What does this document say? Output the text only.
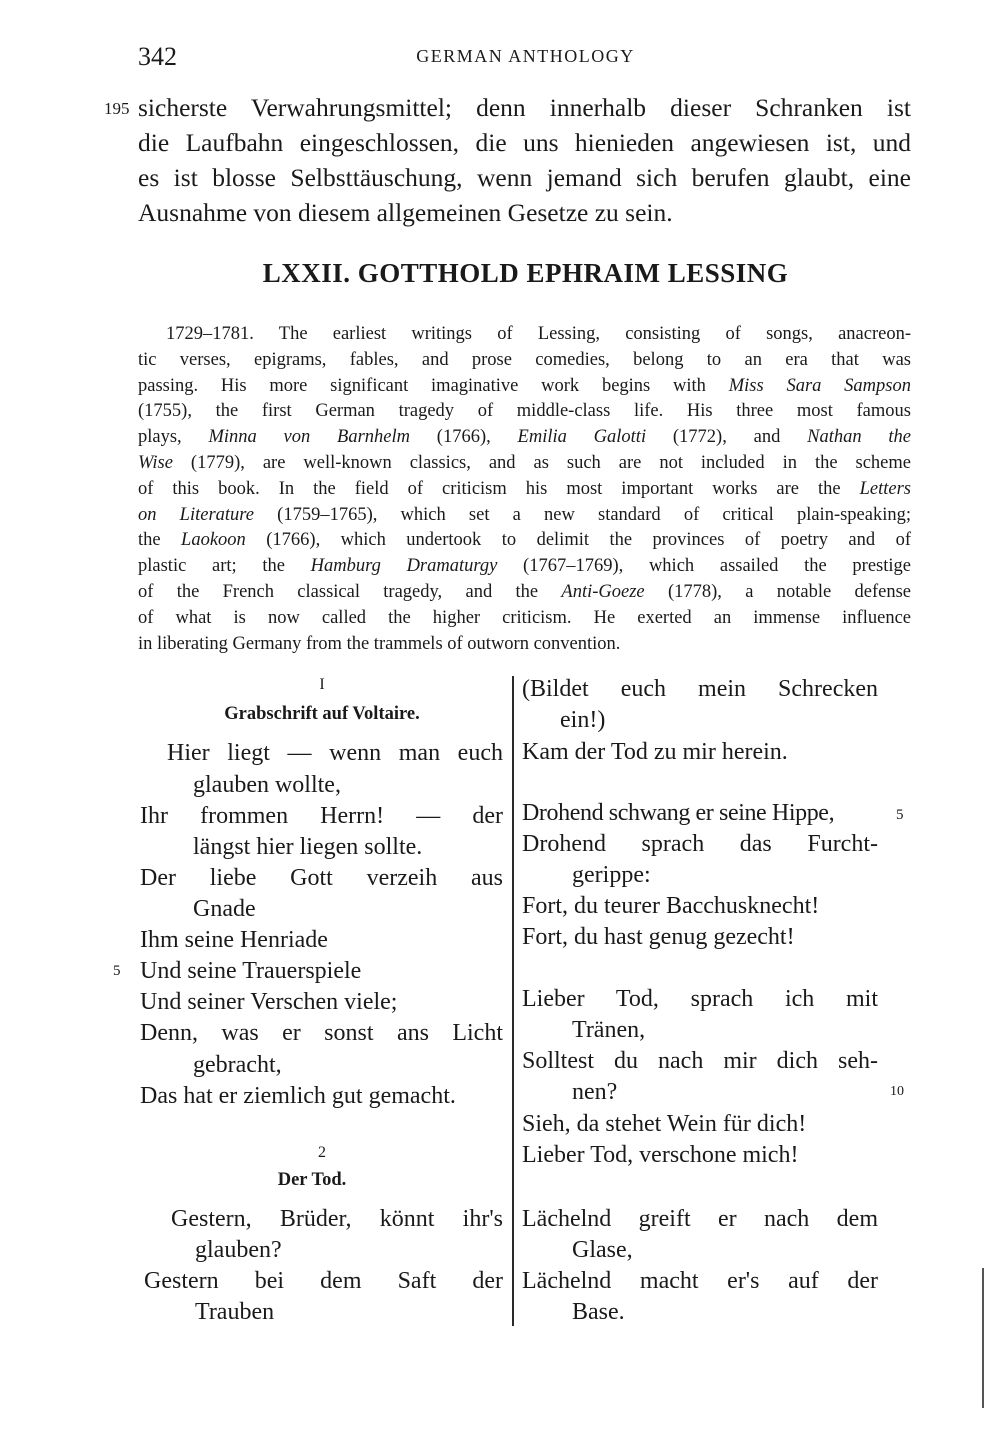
342	GERMAN ANTHOLOGY
195 sicherste Verwahrungsmittel; denn innerhalb dieser Schranken ist
die Laufbahn eingeschlossen, die uns hienieden angewiesen ist, und
es ist blosse Selbsttäuschung, wenn jemand sich berufen glaubt, eine
Ausnahme von diesem allgemeinen Gesetze zu sein.
LXXII. GOTTHOLD EPHRAIM LESSING
1729–1781. The earliest writings of Lessing, consisting of songs, anacreon-
tic verses, epigrams, fables, and prose comedies, belong to an era that was
passing. His more significant imaginative work begins with Miss Sara Sampson
(1755), the first German tragedy of middle-class life. His three most famous
plays, Minna von Barnhelm (1766), Emilia Galotti (1772), and Nathan the
Wise (1779), are well-known classics, and as such are not included in the scheme
of this book. In the field of criticism his most important works are the Letters
on Literature (1759–1765), which set a new standard of critical plain-speaking;
the Laokoon (1766), which undertook to delimit the provinces of poetry and of
plastic art; the Hamburg Dramaturgy (1767–1769), which assailed the prestige
of the French classical tragedy, and the Anti-Goeze (1778), a notable defense
of what is now called the higher criticism. He exerted an immense influence
in liberating Germany from the trammels of outworn convention.
I
Grabschrift auf Voltaire.
Hier liegt — wenn man euch
glauben wollte,
Ihr frommen Herrn! — der
längst hier liegen sollte.
Der liebe Gott verzeih aus
Gnade
Ihm seine Henriade
5 Und seine Trauerspiele
Und seiner Verschen viele;
Denn, was er sonst ans Licht
gebracht,
Das hat er ziemlich gut gemacht.
2
Der Tod.
Gestern, Brüder, könnt ihr's
glauben?
Gestern bei dem Saft der
Trauben
(Bildet euch mein Schrecken
ein!)
Kam der Tod zu mir herein.
Drohend schwang er seine Hippe,	5
Drohend sprach das Furcht-
gerippe:
Fort, du teurer Bacchusknecht!
Fort, du hast genug gezecht!
Lieber Tod, sprach ich mit
Tränen,
Solltest du nach mir dich seh-
nen?	10
Sieh, da stehet Wein für dich!
Lieber Tod, verschone mich!
Lächelnd greift er nach dem
Glase,
Lächelnd macht er's auf der
Base.
